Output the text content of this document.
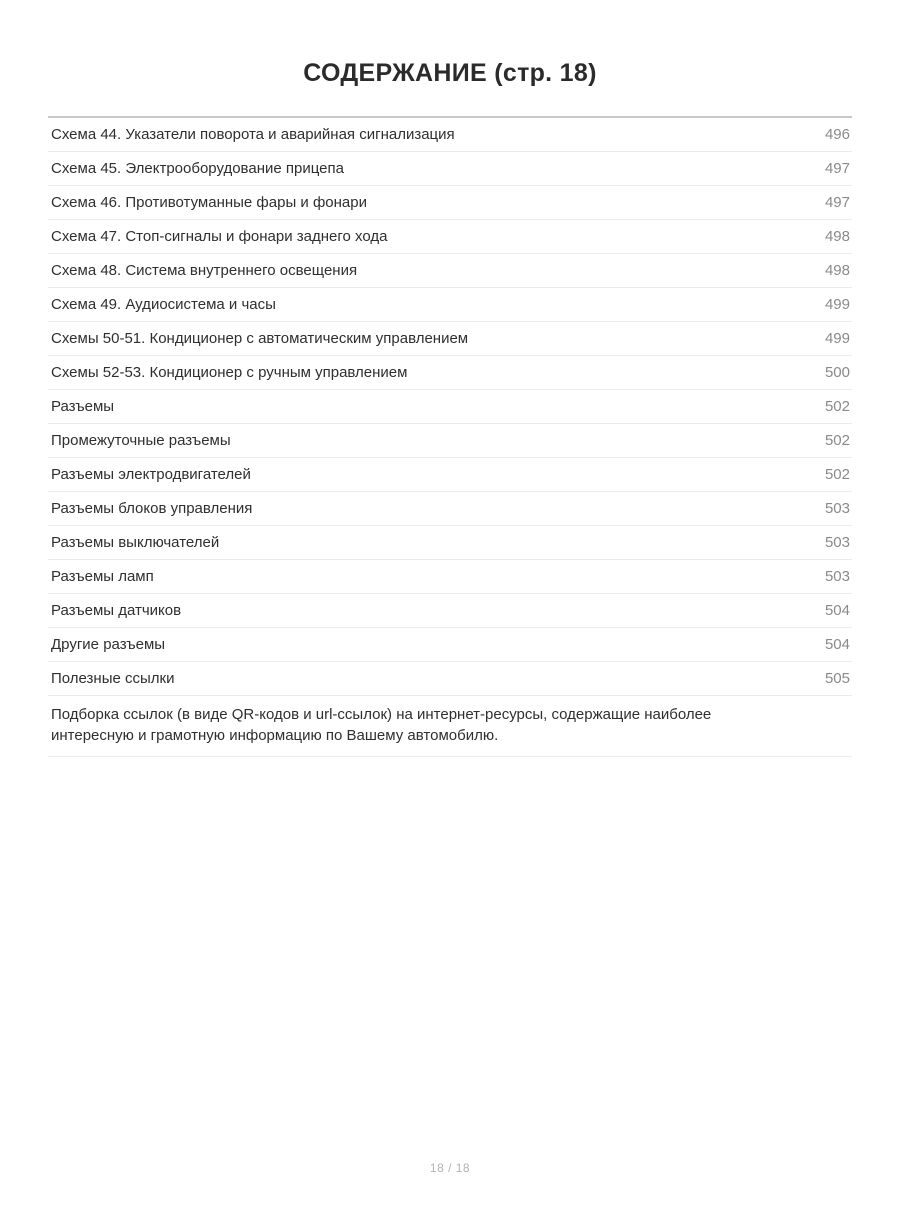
СОДЕРЖАНИЕ (стр. 18)
Схема 44. Указатели поворота и аварийная сигнализация	496
Схема 45. Электрооборудование прицепа	497
Схема 46. Противотуманные фары и фонари	497
Схема 47. Стоп-сигналы и фонари заднего хода	498
Схема 48. Система внутреннего освещения	498
Схема 49. Аудиосистема и часы	499
Схемы 50-51. Кондиционер с автоматическим управлением	499
Схемы 52-53. Кондиционер с ручным управлением	500
Разъемы	502
Промежуточные разъемы	502
Разъемы электродвигателей	502
Разъемы блоков управления	503
Разъемы выключателей	503
Разъемы ламп	503
Разъемы датчиков	504
Другие разъемы	504
Полезные ссылки	505
Подборка ссылок (в виде QR-кодов и url-ссылок) на интернет-ресурсы, содержащие наиболее интересную и грамотную информацию по Вашему автомобилю.
18 / 18
